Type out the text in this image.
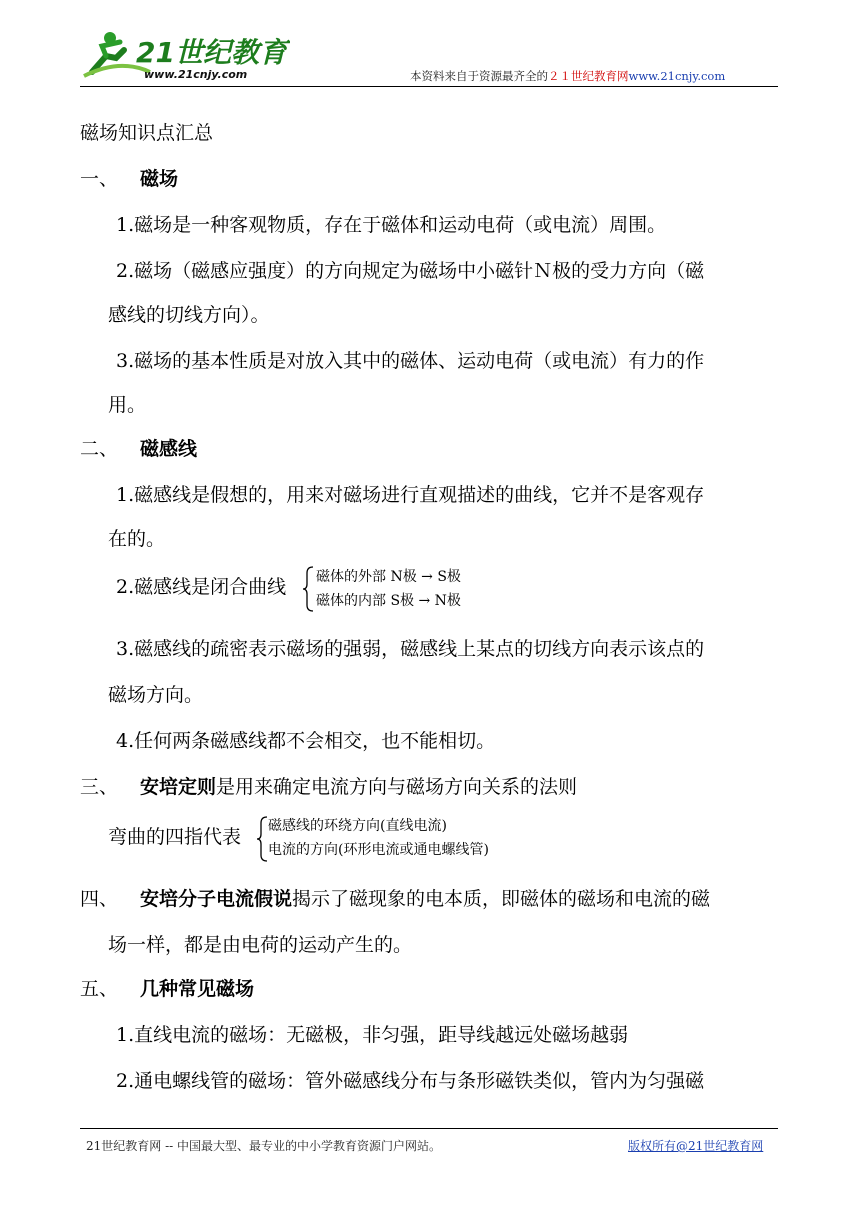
21世纪教育
www.21cnjy.com	本资料来自于资源最齐全的２１世纪教育网www.21cnjy.com
磁场知识点汇总
一、 磁场
1.磁场是一种客观物质，存在于磁体和运动电荷（或电流）周围。
2.磁场（磁感应强度）的方向规定为磁场中小磁针Ｎ极的受力方向（磁
感线的切线方向）。
3.磁场的基本性质是对放入其中的磁体、运动电荷（或电流）有力的作
用。
二、 磁感线
1.磁感线是假想的，用来对磁场进行直观描述的曲线，它并不是客观存
在的。
2.磁感线是闭合曲线 磁体的外部 N极 → S极
磁体的内部 S极 → N极
3.磁感线的疏密表示磁场的强弱，磁感线上某点的切线方向表示该点的
磁场方向。
4.任何两条磁感线都不会相交，也不能相切。
三、 安培定则是用来确定电流方向与磁场方向关系的法则
弯曲的四指代表 磁感线的环绕方向(直线电流)
电流的方向(环形电流或通电螺线管)
四、 安培分子电流假说揭示了磁现象的电本质，即磁体的磁场和电流的磁
场一样，都是由电荷的运动产生的。
五、 几种常见磁场
1.直线电流的磁场：无磁极，非匀强，距导线越远处磁场越弱
2.通电螺线管的磁场：管外磁感线分布与条形磁铁类似，管内为匀强磁
21世纪教育网 -- 中国最大型、最专业的中小学教育资源门户网站。	版权所有@21世纪教育网
